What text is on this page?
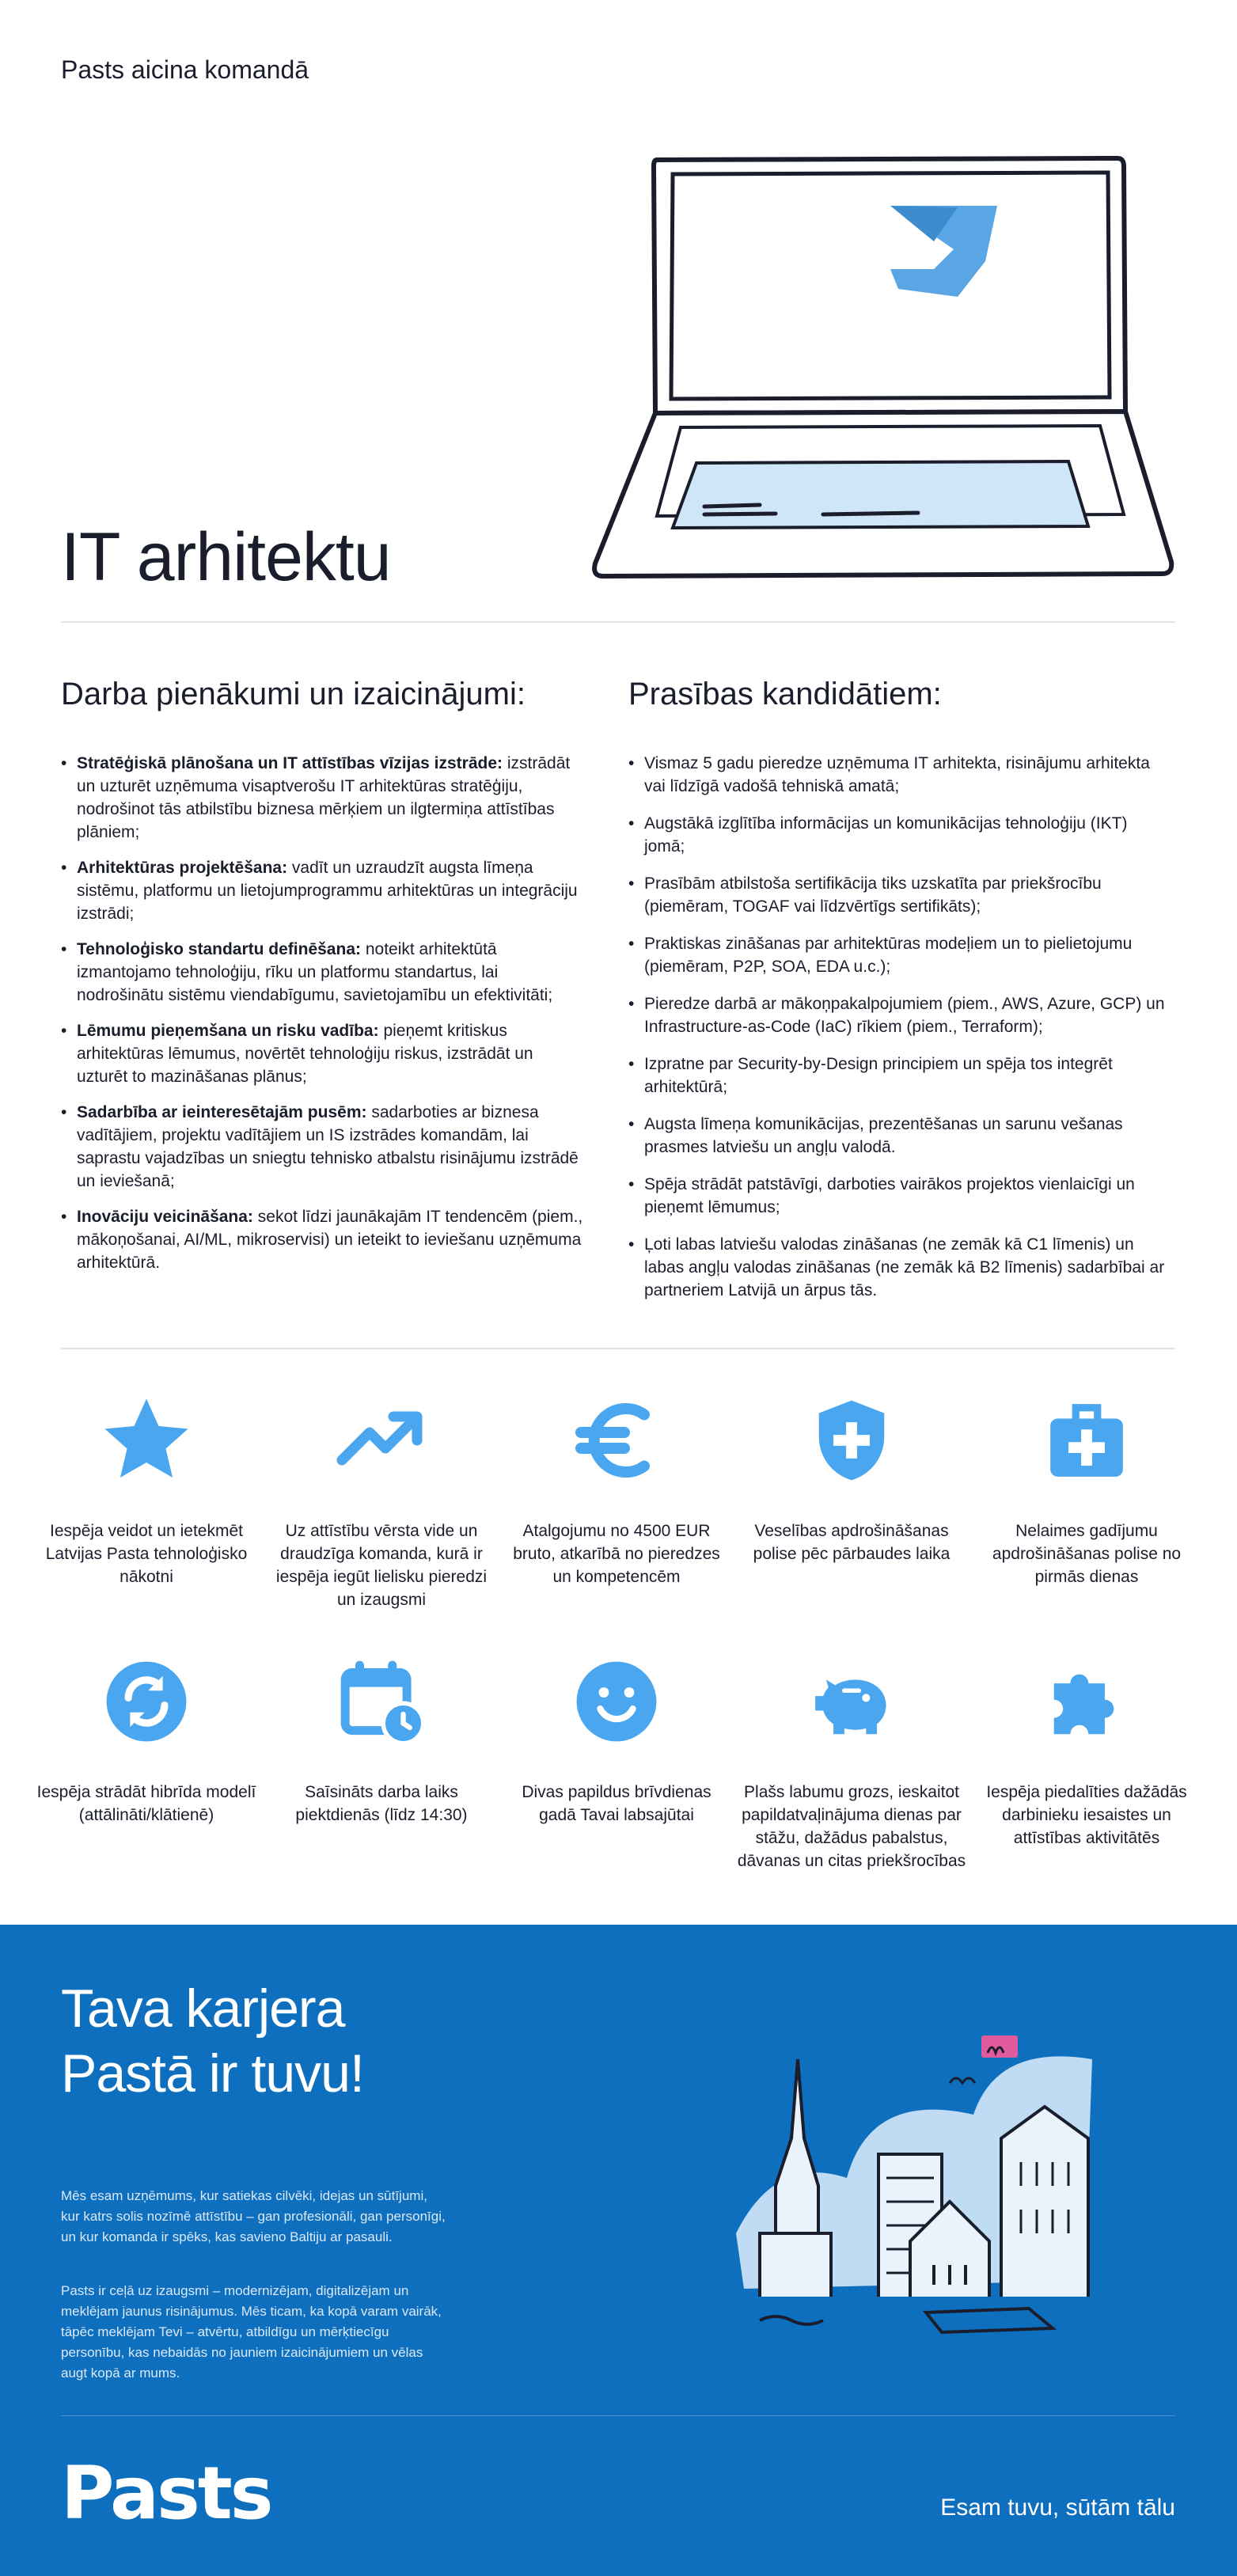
Pasts aicina komandā
IT arhitektu
Darba pienākumi un izaicinājumi:
• Stratēģiskā plānošana un IT attīstības vīzijas izstrāde: izstrādāt un uzturēt uzņēmuma visaptverošu IT arhitektūras stratēģiju, nodrošinot tās atbilstību biznesa mērķiem un ilgtermiņa attīstības plāniem;
• Arhitektūras projektēšana: vadīt un uzraudzīt augsta līmeņa sistēmu, platformu un lietojumprogrammu arhitektūras un integrāciju izstrādi;
• Tehnoloģisko standartu definēšana: noteikt arhitektūtā izmantojamo tehnoloģiju, rīku un platformu standartus, lai nodrošinātu sistēmu viendabīgumu, savietojamību un efektivitāti;
• Lēmumu pieņemšana un risku vadība: pieņemt kritiskus arhitektūras lēmumus, novērtēt tehnoloģiju riskus, izstrādāt un uzturēt to mazināšanas plānus;
• Sadarbība ar ieinteresētajām pusēm: sadarboties ar biznesa vadītājiem, projektu vadītājiem un IS izstrādes komandām, lai saprastu vajadzības un sniegtu tehnisko atbalstu risinājumu izstrādē un ieviešanā;
• Inovāciju veicināšana: sekot līdzi jaunākajām IT tendencēm (piem., mākoņošanai, AI/ML, mikroservisi) un ieteikt to ieviešanu uzņēmuma arhitektūrā.
Prasības kandidātiem:
• Vismaz 5 gadu pieredze uzņēmuma IT arhitekta, risinājumu arhitekta vai līdzīgā vadošā tehniskā amatā;
• Augstākā izglītība informācijas un komunikācijas tehnoloģiju (IKT) jomā;
• Prasībām atbilstoša sertifikācija tiks uzskatīta par priekšrocību (piemēram, TOGAF vai līdzvērtīgs sertifikāts);
• Praktiskas zināšanas par arhitektūras modeļiem un to pielietojumu (piemēram, P2P, SOA, EDA u.c.);
• Pieredze darbā ar mākoņpakalpojumiem (piem., AWS, Azure, GCP) un Infrastructure-as-Code (IaC) rīkiem (piem., Terraform);
• Izpratne par Security-by-Design principiem un spēja tos integrēt arhitektūrā;
• Augsta līmeņa komunikācijas, prezentēšanas un sarunu vešanas prasmes latviešu un angļu valodā.
• Spēja strādāt patstāvīgi, darboties vairākos projektos vienlaicīgi un pieņemt lēmumus;
• Ļoti labas latviešu valodas zināšanas (ne zemāk kā C1 līmenis) un labas angļu valodas zināšanas (ne zemāk kā B2 līmenis) sadarbībai ar partneriem Latvijā un ārpus tās.
Iespēja veidot un ietekmēt Latvijas Pasta tehnoloģisko nākotni
Uz attīstību vērsta vide un draudzīga komanda, kurā ir iespēja iegūt lielisku pieredzi un izaugsmi
Atalgojumu no 4500 EUR bruto, atkarībā no pieredzes un kompetencēm
Veselības apdrošināšanas polise pēc pārbaudes laika
Nelaimes gadījumu apdrošināšanas polise no pirmās dienas
Iespēja strādāt hibrīda modelī (attālināti/klātienē)
Saīsināts darba laiks piektdienās (līdz 14:30)
Divas papildus brīvdienas gadā Tavai labsajūtai
Plašs labumu grozs, ieskaitot papildatvaļinājuma dienas par stāžu, dažādus pabalstus, dāvanas un citas priekšrocības
Iespēja piedalīties dažādās darbinieku iesaistes un attīstības aktivitātēs
Tava karjera
Pastā ir tuvu!
Mēs esam uzņēmums, kur satiekas cilvēki, idejas un sūtījumi, kur katrs solis nozīmē attīstību – gan profesionāli, gan personīgi, un kur komanda ir spēks, kas savieno Baltiju ar pasauli.
Pasts ir ceļā uz izaugsmi – modernizējam, digitalizējam un meklējam jaunus risinājumus. Mēs ticam, ka kopā varam vairāk, tāpēc meklējam Tevi – atvērtu, atbildīgu un mērķtiecīgu personību, kas nebaidās no jauniem izaicinājumiem un vēlas augt kopā ar mums.
Pasts	Esam tuvu, sūtām tālu
